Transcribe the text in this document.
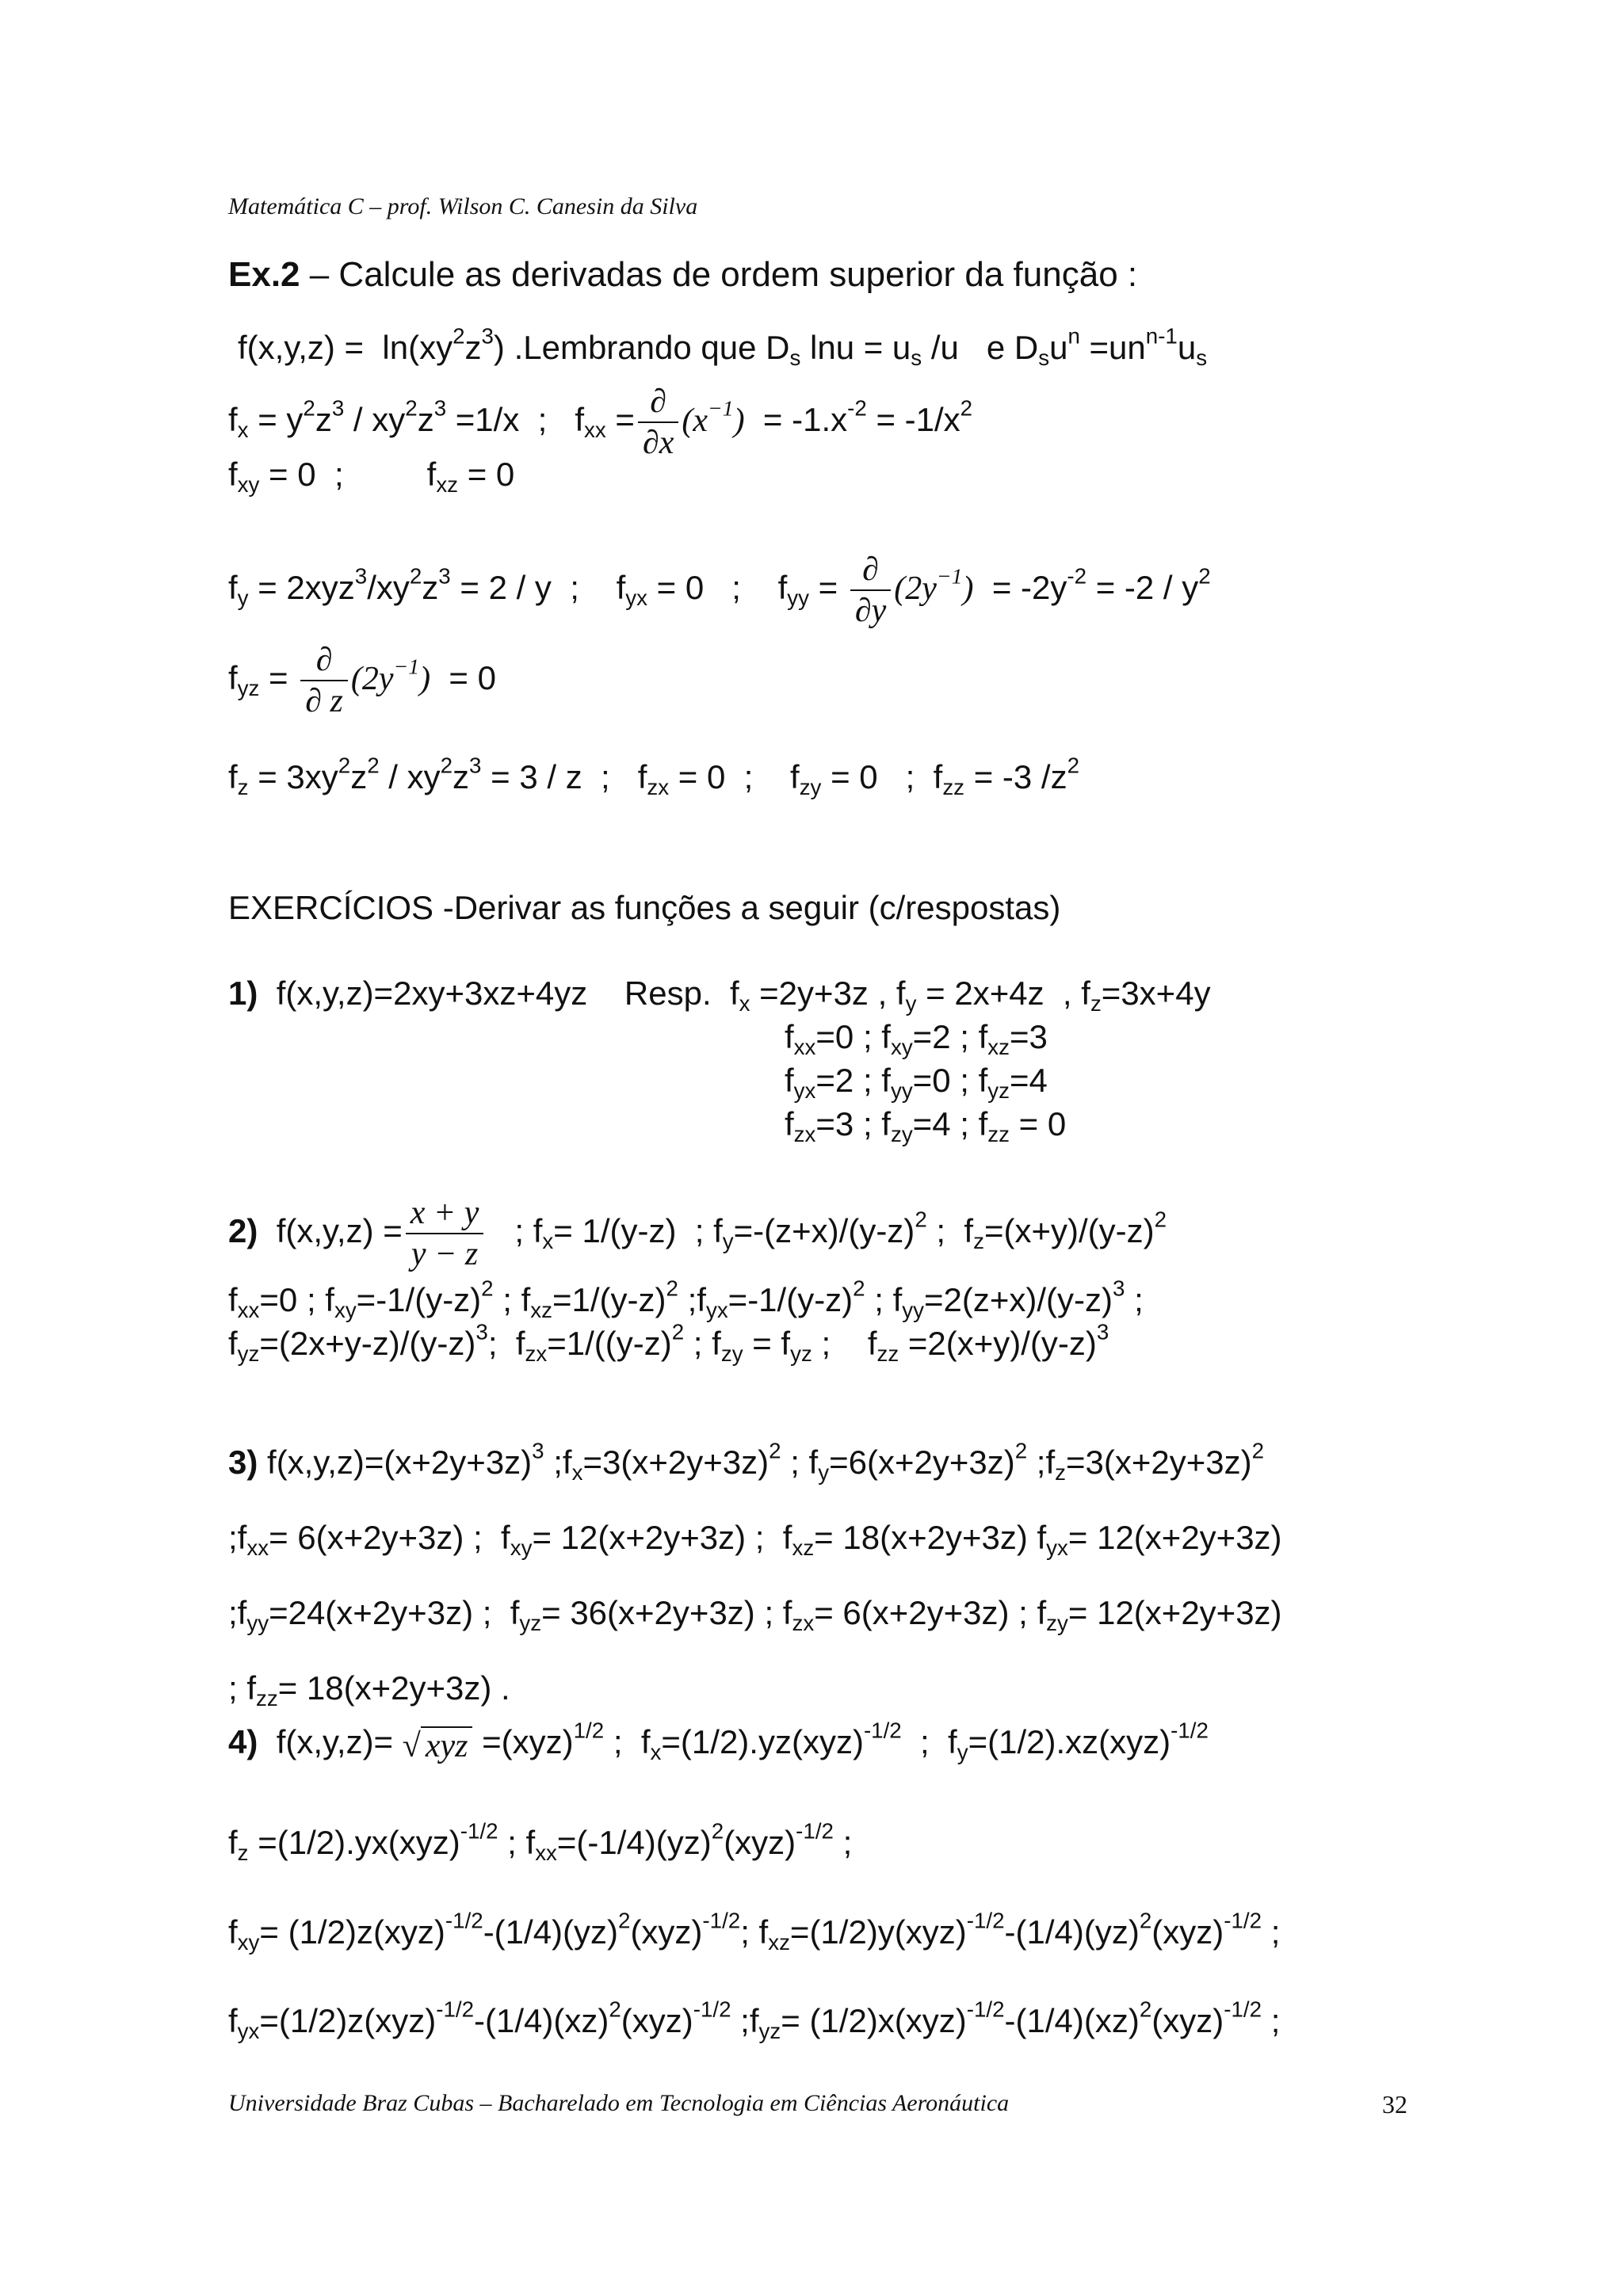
Matemática C – prof. Wilson C. Canesin da Silva
Ex.2 – Calcule as derivadas de ordem superior da função :
$f(x,y,z) = \ln(xy^2z^3)$ .Lembrando que $D_s$ $\ln u = u_s$ /u   e $D_su^n =un^{n-1}u_s$
$f_x = y^2z^3 / xy^2z^3 =1/x$  ;   $f_{xx} = \frac{\partial}{\partial x} (x^{-1}) = -1.x^{-2} = -1/x^2$
$f_{xy} = 0$  ;         $f_{xz} = 0$
$f_y = 2xyz^3/xy^2z^3 = 2 / y$  ;    $f_{yx} = 0$   ;    $f_{yy} = \frac{\partial}{\partial y} (2y^{-1}) = -2y^{-2} = -2 / y^2$
$f_{yz} = \frac{\partial}{\partial z} (2y^{-1}) = 0$
$f_z = 3xy^2z^2 / xy^2z^3 = 3 / z$  ;   $f_{zx} = 0$  ;    $f_{zy} = 0$   ;  $f_{zz} = -3$ $/z^2$
EXERCÍCIOS -Derivar as funções a seguir (c/respostas)
1)  f(x,y,z)=2xy+3xz+4yz    Resp.  $f_x =2y+3z$ , $f_y = 2x+4z$  , $f_z=3x+4y$
$f_{xx}=0$ ; $f_{xy}=2$ ; $f_{xz}=3$
$f_{yx}=2$ ; $f_{yy}=0$ ; $f_{yz}=4$
$f_{zx}=3$ ; $f_{zy}=4$ ; $f_{zz} = 0$
2)  $f(x,y,z) = \frac{x + y}{y - z}$ ; $f_x= 1/(y-z)$  ; $f_y=-(z+x)/(y-z)^2$ ;  $f_z=(x+y)/(y-z)^2$
$f_{xx}=0$ ; $f_{xy}=-1/(y-z)^2$ ; $f_{xz}=1/(y-z)^2$ $;f_{yx}=-1/(y-z)^2$ ; $f_{yy}=2(z+x)/(y-z)^3$ ;
$f_{yz}=(2x+y-z)/(y-z)^3$;  $f_{zx}=1/((y-z)^2$ ; $f_{zy} = f_{yz}$ ;    $f_{zz} =2(x+y)/(y-z)^3$
3) $f(x,y,z)=(x+2y+3z)^3$ $;f_x=3(x+2y+3z)^2$ ; $f_y=6(x+2y+3z)^2$ $;f_z=3(x+2y+3z)^2$
$;f_{xx}= 6(x+2y+3z)$ ;  $f_{xy}= 12(x+2y+3z)$ ;  $f_{xz}= 18(x+2y+3z)$ $f_{yx}= 12(x+2y+3z)$
$;f_{yy}=24(x+2y+3z)$ ;  $f_{yz}= 36(x+2y+3z)$ ; $f_{zx}= 6(x+2y+3z)$ ; $f_{zy}= 12(x+2y+3z)$
; $f_{zz}= 18(x+2y+3z)$ .
4)  f(x,y,z)= √ xyz =(xyz)$^{1/2}$ ;  $f_x=(1/2).yz(xyz)^{-1/2}$  ;  $f_y=(1/2).xz(xyz)^{-1/2}$
$f_z =(1/2).yx(xyz)^{-1/2}$ ; $f_{xx}=(-1/4)(yz)^2(xyz)^{-1/2}$ ;
$f_{xy}= (1/2)z(xyz)^{-1/2}-(1/4)(yz)^2(xyz)^{-1/2}$; $f_{xz}=(1/2)y(xyz)^{-1/2}-(1/4)(yz)^2(xyz)^{-1/2}$ ;
$f_{yx}=(1/2)z(xyz)^{-1/2}-(1/4)(xz)^2(xyz)^{-1/2}$ $;f_{yz}= (1/2)x(xyz)^{-1/2}-(1/4)(xz)^2(xyz)^{-1/2}$ ;
Universidade Braz Cubas – Bacharelado em Tecnologia em Ciências Aeronáutica	32
